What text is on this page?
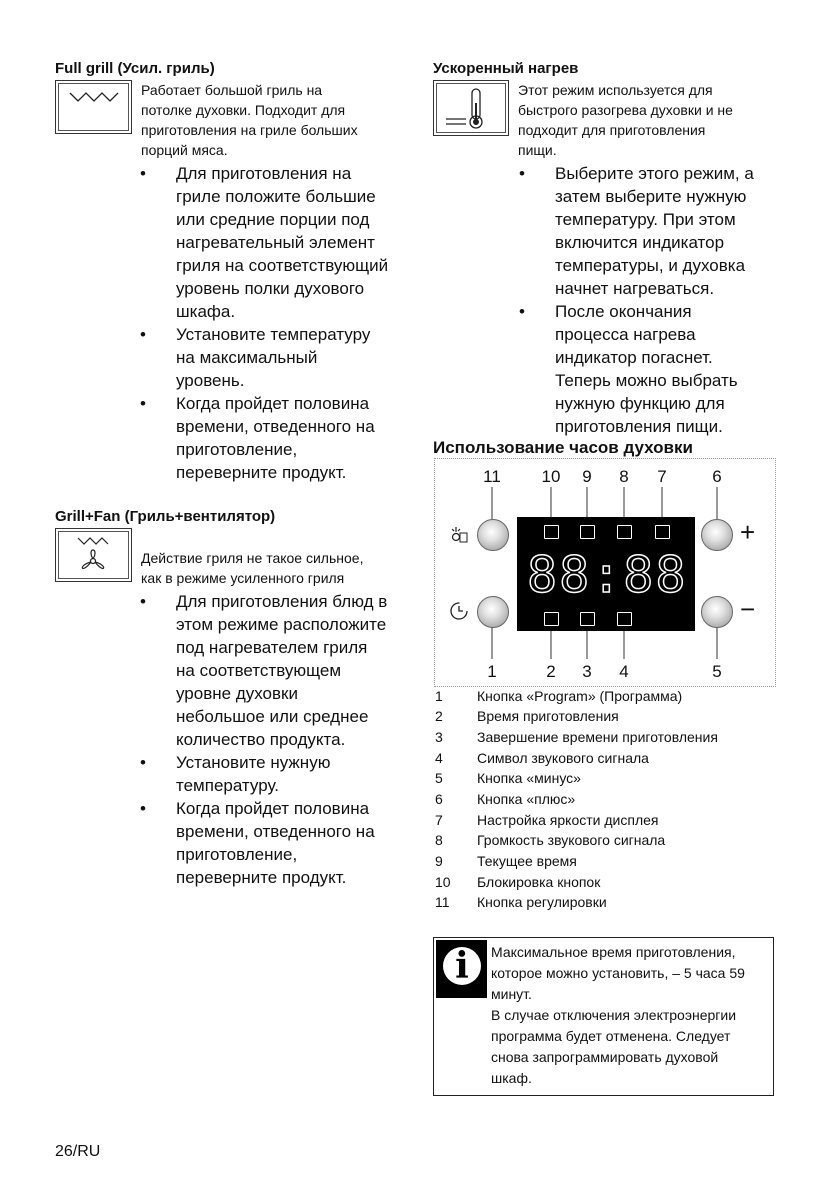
Full grill (Усил. гриль)
Работает большой гриль на
потолке духовки. Подходит для
приготовления на гриле больших
порций мяса.
• Для приготовления на
гриле положите большие
или средние порции под
нагревательный элемент
гриля на соответствующий
уровень полки духового
шкафа.
• Установите температуру
на максимальный
уровень.
• Когда пройдет половина
времени, отведенного на
приготовление,
переверните продукт.
Grill+Fan (Гриль+вентилятор)
Действие гриля не такое сильное,
как в режиме усиленного гриля
• Для приготовления блюд в
этом режиме расположите
под нагревателем гриля
на соответствующем
уровне духовки
небольшое или среднее
количество продукта.
• Установите нужную
температуру.
• Когда пройдет половина
времени, отведенного на
приготовление,
переверните продукт.
Ускоренный нагрев
Этот режим используется для
быстрого разогрева духовки и не
подходит для приготовления
пищи.
• Выберите этого режим, а
затем выберите нужную
температуру. При этом
включится индикатор
температуры, и духовка
начнет нагреваться.
• После окончания
процесса нагрева
индикатор погаснет.
Теперь можно выбрать
нужную функцию для
приготовления пищи.
Использование часов духовки
11 10	9	8	7	6
88:88
+
−
1	2	3	4	5
1	Кнопка «Program» (Программа)
2	Время приготовления
3	Завершение времени приготовления
4	Символ звукового сигнала
5	Кнопка «минус»
6	Кнопка «плюс»
7	Настройка яркости дисплея
8	Громкость звукового сигнала
9	Текущее время
10	Блокировка кнопок
11	Кнопка регулировки
i	Максимальное время приготовления,
которое можно установить, – 5 часа 59
минут.
В случае отключения электроэнергии
программа будет отменена. Следует
снова запрограммировать духовой
шкаф.
26/RU
